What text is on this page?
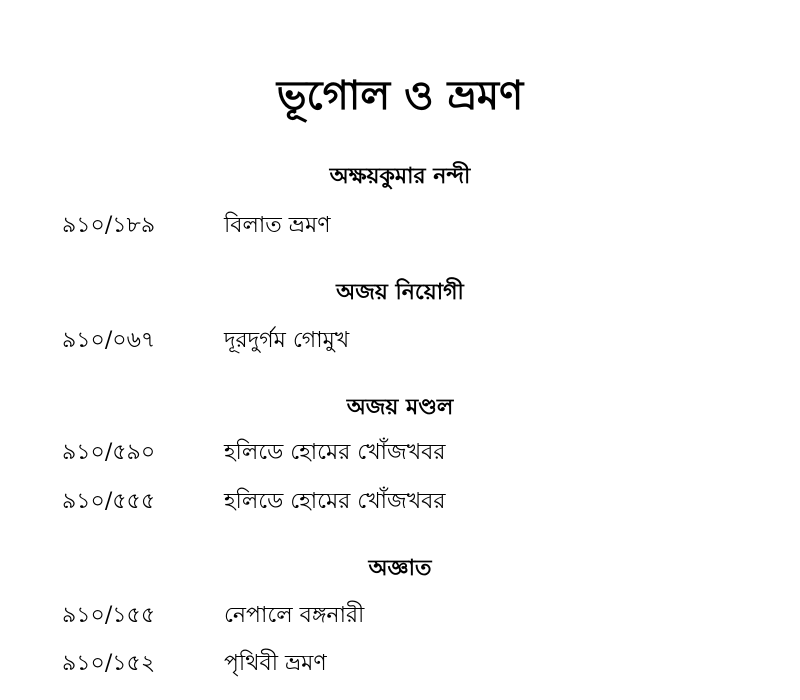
ভূগোল ও ভ্রমণ
অক্ষয়কুমার নন্দী
৯১০/১৮৯	বিলাত ভ্রমণ
অজয় নিয়োগী
৯১০/০৬৭	দূরদুর্গম গোমুখ
অজয় মণ্ডল
৯১০/৫৯০	হলিডে হোমের খোঁজখবর
৯১০/৫৫৫	হলিডে হোমের খোঁজখবর
অজ্ঞাত
৯১০/১৫৫	নেপালে বঙ্গনারী
৯১০/১৫২	পৃথিবী ভ্রমণ
